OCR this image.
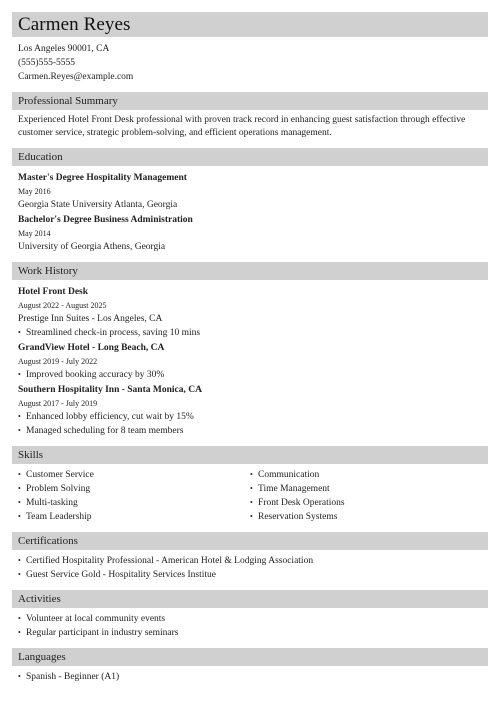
Carmen Reyes
Los Angeles 90001, CA
(555)555-5555
Carmen.Reyes@example.com
Professional Summary
Experienced Hotel Front Desk professional with proven track record in enhancing guest satisfaction through effective customer service, strategic problem-solving, and efficient operations management.
Education
Master's Degree Hospitality Management
May 2016
Georgia State University Atlanta, Georgia
Bachelor's Degree Business Administration
May 2014
University of Georgia Athens, Georgia
Work History
Hotel Front Desk
August 2022 - August 2025
Prestige Inn Suites - Los Angeles, CA
• Streamlined check-in process, saving 10 mins
GrandView Hotel - Long Beach, CA
August 2019 - July 2022
• Improved booking accuracy by 30%
Southern Hospitality Inn - Santa Monica, CA
August 2017 - July 2019
• Enhanced lobby efficiency, cut wait by 15%
• Managed scheduling for 8 team members
Skills
• Customer Service
• Problem Solving
• Multi-tasking
• Team Leadership
• Communication
• Time Management
• Front Desk Operations
• Reservation Systems
Certifications
• Certified Hospitality Professional - American Hotel & Lodging Association
• Guest Service Gold - Hospitality Services Institue
Activities
• Volunteer at local community events
• Regular participant in industry seminars
Languages
• Spanish - Beginner (A1)
